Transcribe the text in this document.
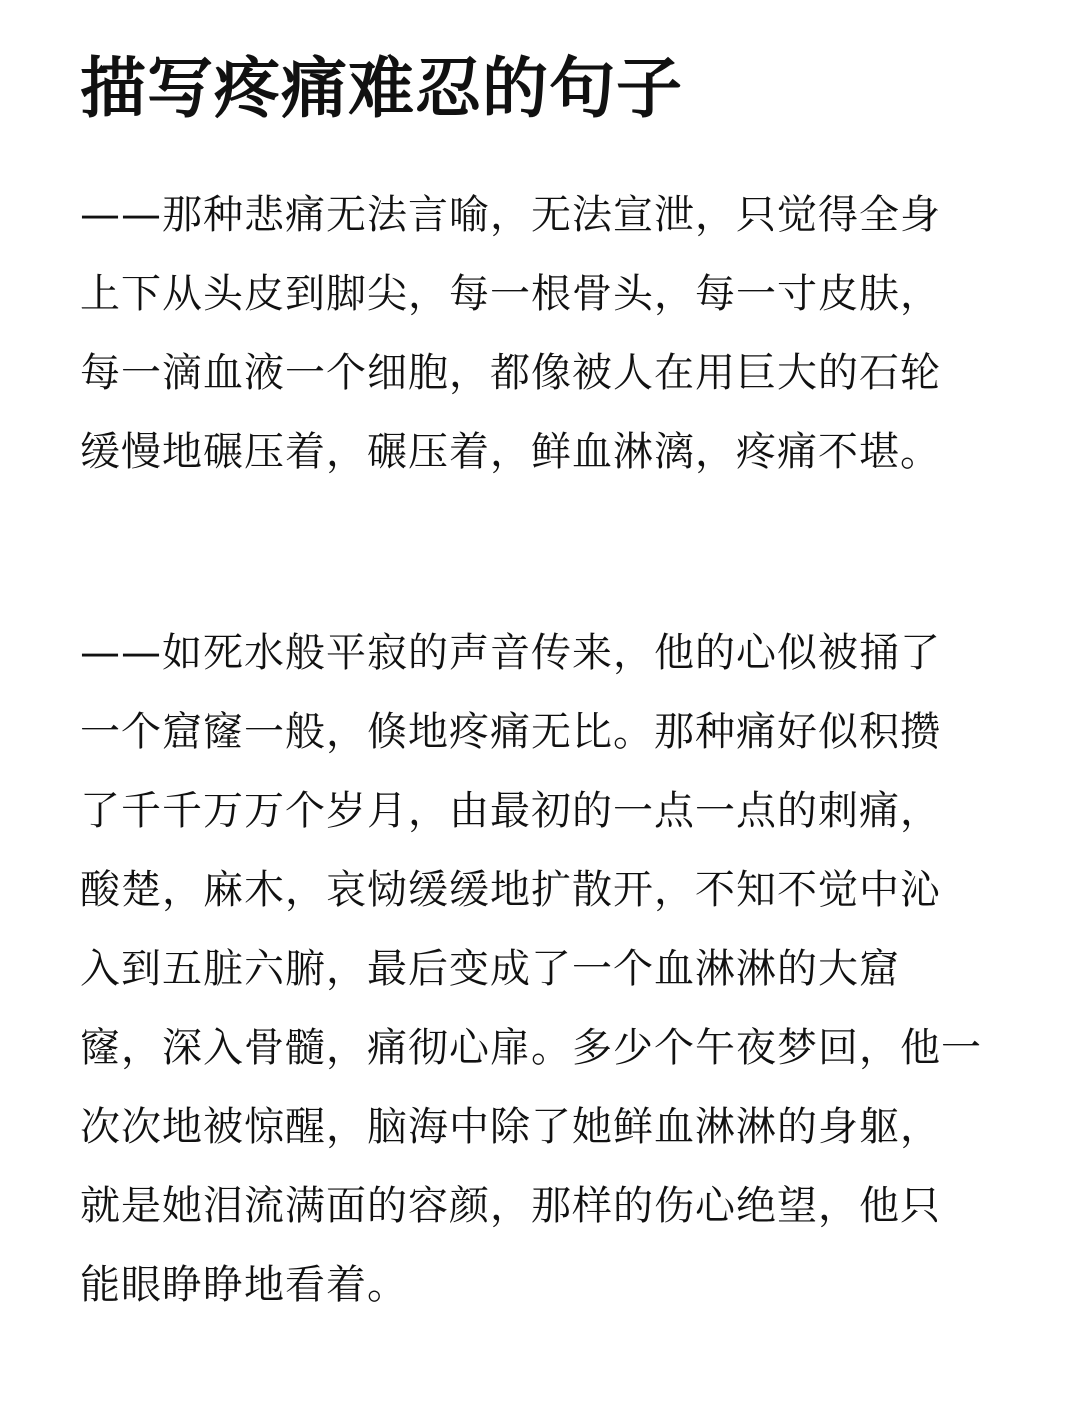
描写疼痛难忍的句子
——那种悲痛无法言喻，无法宣泄，只觉得全身
上下从头皮到脚尖，每一根骨头，每一寸皮肤，
每一滴血液一个细胞，都像被人在用巨大的石轮
缓慢地碾压着，碾压着，鲜血淋漓，疼痛不堪。
——如死水般平寂的声音传来，他的心似被捅了
一个窟窿一般，倏地疼痛无比。那种痛好似积攒
了千千万万个岁月，由最初的一点一点的刺痛，
酸楚，麻木，哀恸缓缓地扩散开，不知不觉中沁
入到五脏六腑，最后变成了一个血淋淋的大窟
窿，深入骨髓，痛彻心扉。多少个午夜梦回，他一
次次地被惊醒，脑海中除了她鲜血淋淋的身躯，
就是她泪流满面的容颜，那样的伤心绝望，他只
能眼睁睁地看着。
